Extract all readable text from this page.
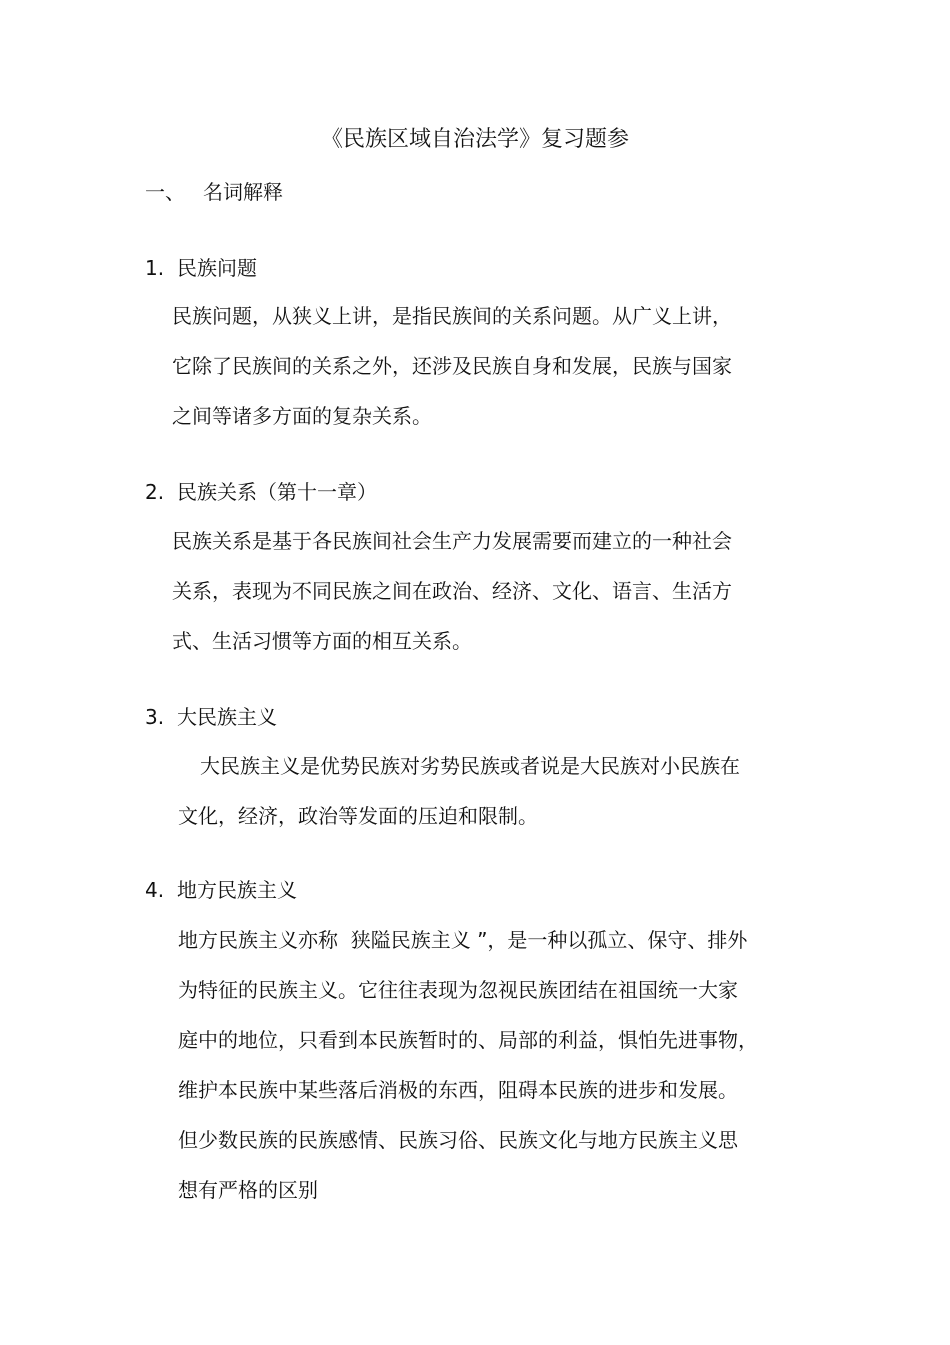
《民族区域自治法学》复习题参
一、 名词解释
1. 民族问题
民族问题，从狭义上讲，是指民族间的关系问题。从广义上讲，
它除了民族间的关系之外，还涉及民族自身和发展，民族与国家
之间等诸多方面的复杂关系。
2. 民族关系（第十一章）
民族关系是基于各民族间社会生产力发展需要而建立的一种社会
关系，表现为不同民族之间在政治、经济、文化、语言、生活方
式、生活习惯等方面的相互关系。
3. 大民族主义
大民族主义是优势民族对劣势民族或者说是大民族对小民族在
文化，经济，政治等发面的压迫和限制。
4. 地方民族主义
地方民族主义亦称  狭隘民族主义 ”，是一种以孤立、保守、排外
为特征的民族主义。它往往表现为忽视民族团结在祖国统一大家
庭中的地位，只看到本民族暂时的、局部的利益，惧怕先进事物，
维护本民族中某些落后消极的东西，阻碍本民族的进步和发展。
但少数民族的民族感情、民族习俗、民族文化与地方民族主义思
想有严格的区别
